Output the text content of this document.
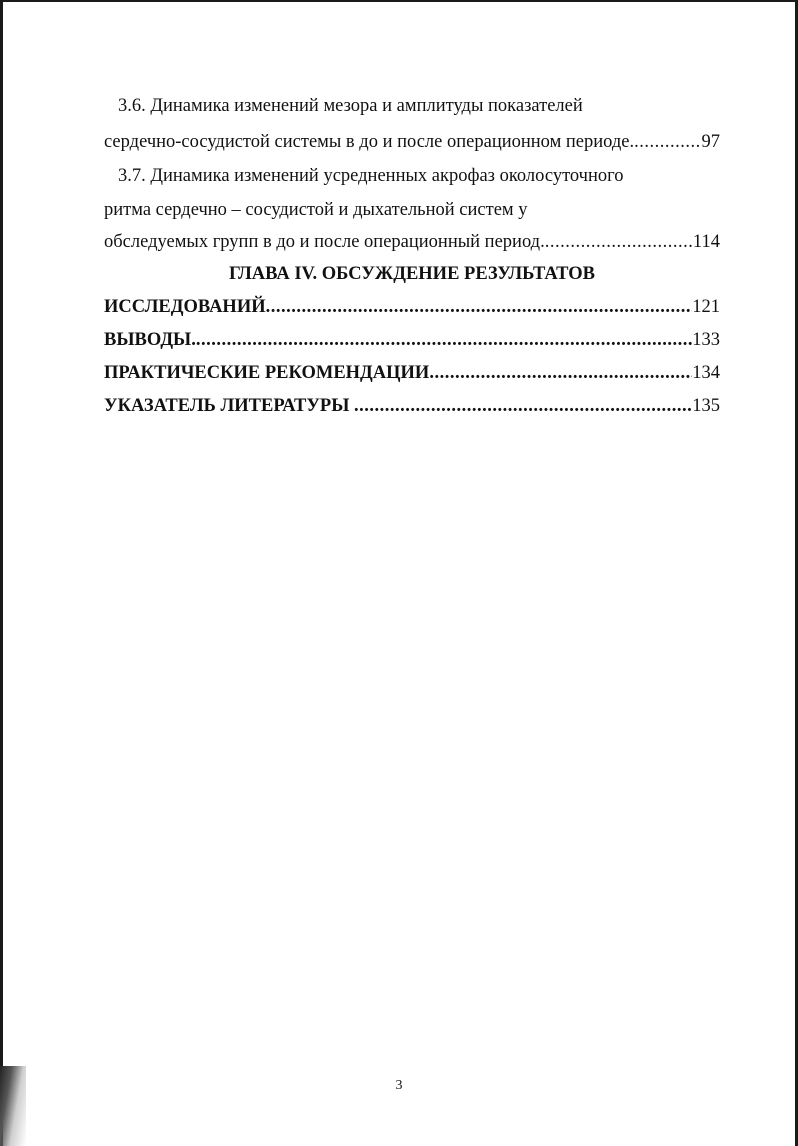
3.6. Динамика изменений мезора и амплитуды показателей
сердечно-сосудистой системы в до и после операционном периоде. .....	97
3.7. Динамика изменений усредненных акрофаз околосуточного
ритма сердечно – сосудистой и дыхательной систем у
обследуемых групп в до и после операционный период. .....	114
ГЛАВА IV. ОБСУЖДЕНИЕ РЕЗУЛЬТАТОВ
ИССЛЕДОВАНИЙ .....	121
ВЫВОДЫ. .....	133
ПРАКТИЧЕСКИЕ РЕКОМЕНДАЦИИ .....	134
УКАЗАТЕЛЬ ЛИТЕРАТУРЫ .....	135
3
